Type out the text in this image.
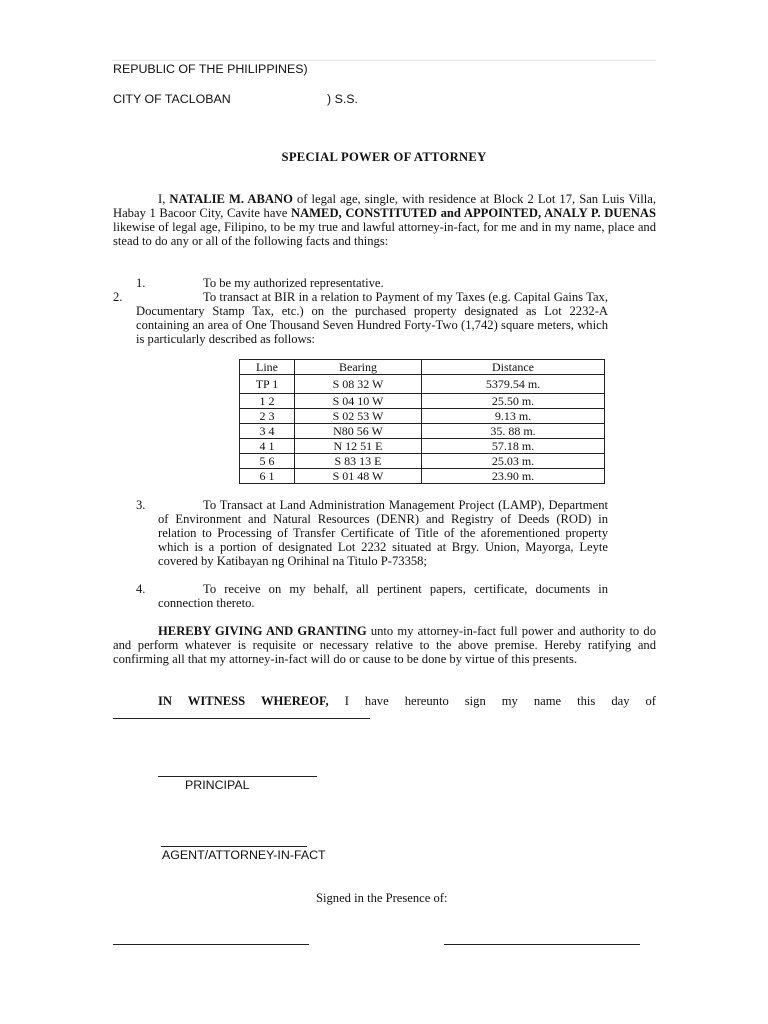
REPUBLIC OF THE PHILIPPINES)
CITY OF TACLOBAN	) S.S.
SPECIAL POWER OF ATTORNEY
I, NATALIE M. ABANO of legal age, single, with residence at Block 2 Lot 17, San Luis Villa, Habay 1 Bacoor City, Cavite have NAMED, CONSTITUTED and APPOINTED, ANALY P. DUENAS likewise of legal age, Filipino, to be my true and lawful attorney-in-fact, for me and in my name, place and stead to do any or all of the following facts and things:
1.	To be my authorized representative.
2.	To transact at BIR in a relation to Payment of my Taxes (e.g. Capital Gains Tax, Documentary Stamp Tax, etc.) on the purchased property designated as Lot 2232-A containing an area of One Thousand Seven Hundred Forty-Two (1,742) square meters, which is particularly described as follows:
Line	Bearing	Distance
TP 1	S 08 32 W	5379.54 m.
1 2	S 04 10 W	25.50 m.
2 3	S 02 53 W	9.13 m.
3 4	N80 56 W	35. 88 m.
4 1	N 12 51 E	57.18 m.
5 6	S 83 13 E	25.03 m.
6 1	S 01 48 W	23.90 m.
3.	To Transact at Land Administration Management Project (LAMP), Department of Environment and Natural Resources (DENR) and Registry of Deeds (ROD) in relation to Processing of Transfer Certificate of Title of the aforementioned property which is a portion of designated Lot 2232 situated at Brgy. Union, Mayorga, Leyte covered by Katibayan ng Orihinal na Titulo P-73358;
4.	To receive on my behalf, all pertinent papers, certificate, documents in connection thereto.
HEREBY GIVING AND GRANTING unto my attorney-in-fact full power and authority to do and perform whatever is requisite or necessary relative to the above premise. Hereby ratifying and confirming all that my attorney-in-fact will do or cause to be done by virtue of this presents.
IN WITNESS WHEREOF, I have hereunto sign my name this day of
PRINCIPAL
AGENT/ATTORNEY-IN-FACT
Signed in the Presence of:
